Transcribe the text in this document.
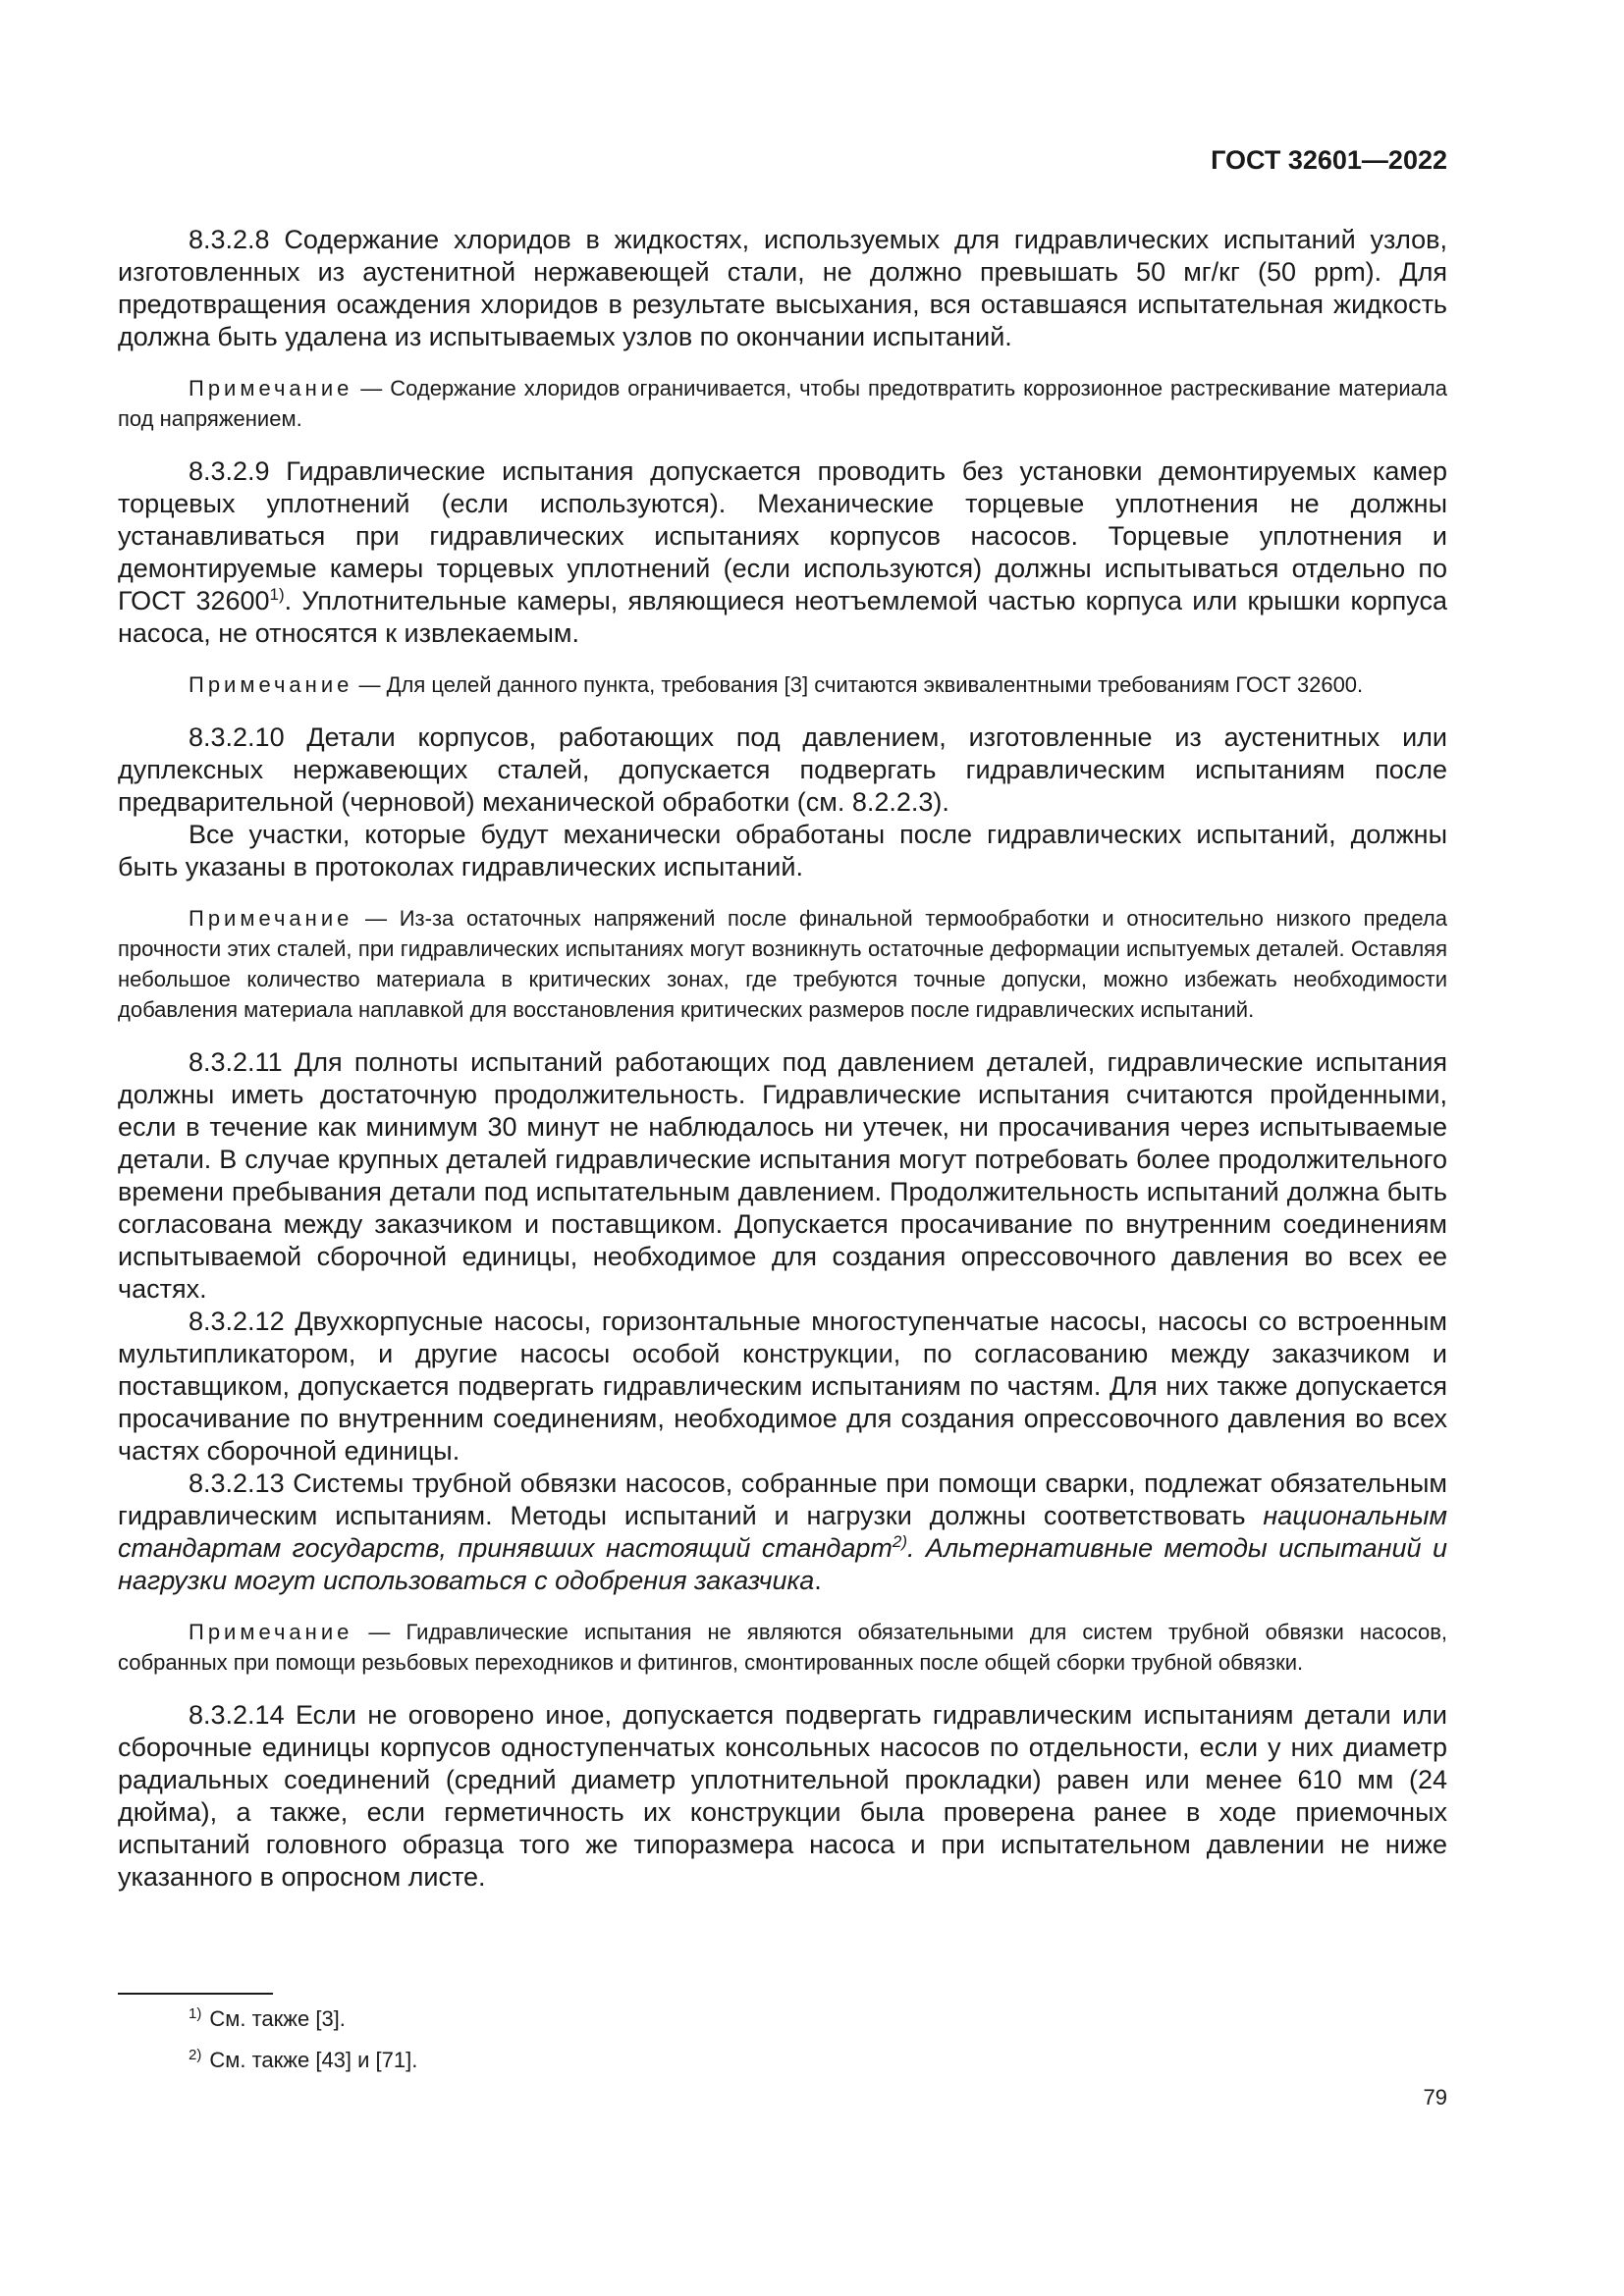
ГОСТ 32601—2022

8.3.2.8 Содержание хлоридов в жидкостях, используемых для гидравлических испытаний узлов, изготовленных из аустенитной нержавеющей стали, не должно превышать 50 мг/кг (50 ppm). Для предотвращения осаждения хлоридов в результате высыхания, вся оставшаяся испытательная жидкость должна быть удалена из испытываемых узлов по окончании испытаний.

Примечание — Содержание хлоридов ограничивается, чтобы предотвратить коррозионное растрескивание материала под напряжением.

8.3.2.9 Гидравлические испытания допускается проводить без установки демонтируемых камер торцевых уплотнений (если используются). Механические торцевые уплотнения не должны устанавливаться при гидравлических испытаниях корпусов насосов. Торцевые уплотнения и демонтируемые камеры торцевых уплотнений (если используются) должны испытываться отдельно по ГОСТ 32600$^{1)}$. Уплотнительные камеры, являющиеся неотъемлемой частью корпуса или крышки корпуса насоса, не относятся к извлекаемым.

Примечание — Для целей данного пункта, требования [3] считаются эквивалентными требованиям ГОСТ 32600.

8.3.2.10 Детали корпусов, работающих под давлением, изготовленные из аустенитных или дуплексных нержавеющих сталей, допускается подвергать гидравлическим испытаниям после предварительной (черновой) механической обработки (см. 8.2.2.3).

Все участки, которые будут механически обработаны после гидравлических испытаний, должны быть указаны в протоколах гидравлических испытаний.

Примечание — Из-за остаточных напряжений после финальной термообработки и относительно низкого предела прочности этих сталей, при гидравлических испытаниях могут возникнуть остаточные деформации испытуемых деталей. Оставляя небольшое количество материала в критических зонах, где требуются точные допуски, можно избежать необходимости добавления материала наплавкой для восстановления критических размеров после гидравлических испытаний.

8.3.2.11 Для полноты испытаний работающих под давлением деталей, гидравлические испытания должны иметь достаточную продолжительность. Гидравлические испытания считаются пройденными, если в течение как минимум 30 минут не наблюдалось ни утечек, ни просачивания через испытываемые детали. В случае крупных деталей гидравлические испытания могут потребовать более продолжительного времени пребывания детали под испытательным давлением. Продолжительность испытаний должна быть согласована между заказчиком и поставщиком. Допускается просачивание по внутренним соединениям испытываемой сборочной единицы, необходимое для создания опрессовочного давления во всех ее частях.

8.3.2.12 Двухкорпусные насосы, горизонтальные многоступенчатые насосы, насосы со встроенным мультипликатором, и другие насосы особой конструкции, по согласованию между заказчиком и поставщиком, допускается подвергать гидравлическим испытаниям по частям. Для них также допускается просачивание по внутренним соединениям, необходимое для создания опрессовочного давления во всех частях сборочной единицы.

8.3.2.13 Системы трубной обвязки насосов, собранные при помощи сварки, подлежат обязательным гидравлическим испытаниям. Методы испытаний и нагрузки должны соответствовать национальным стандартам государств, принявших настоящий стандарт$^{2)}$. Альтернативные методы испытаний и нагрузки могут использоваться с одобрения заказчика.

Примечание — Гидравлические испытания не являются обязательными для систем трубной обвязки насосов, собранных при помощи резьбовых переходников и фитингов, смонтированных после общей сборки трубной обвязки.

8.3.2.14 Если не оговорено иное, допускается подвергать гидравлическим испытаниям детали или сборочные единицы корпусов одноступенчатых консольных насосов по отдельности, если у них диаметр радиальных соединений (средний диаметр уплотнительной прокладки) равен или менее 610 мм (24 дюйма), а также, если герметичность их конструкции была проверена ранее в ходе приемочных испытаний головного образца того же типоразмера насоса и при испытательном давлении не ниже указанного в опросном листе.

$^{1)}$ См. также [3].
$^{2)}$ См. также [43] и [71].
79
